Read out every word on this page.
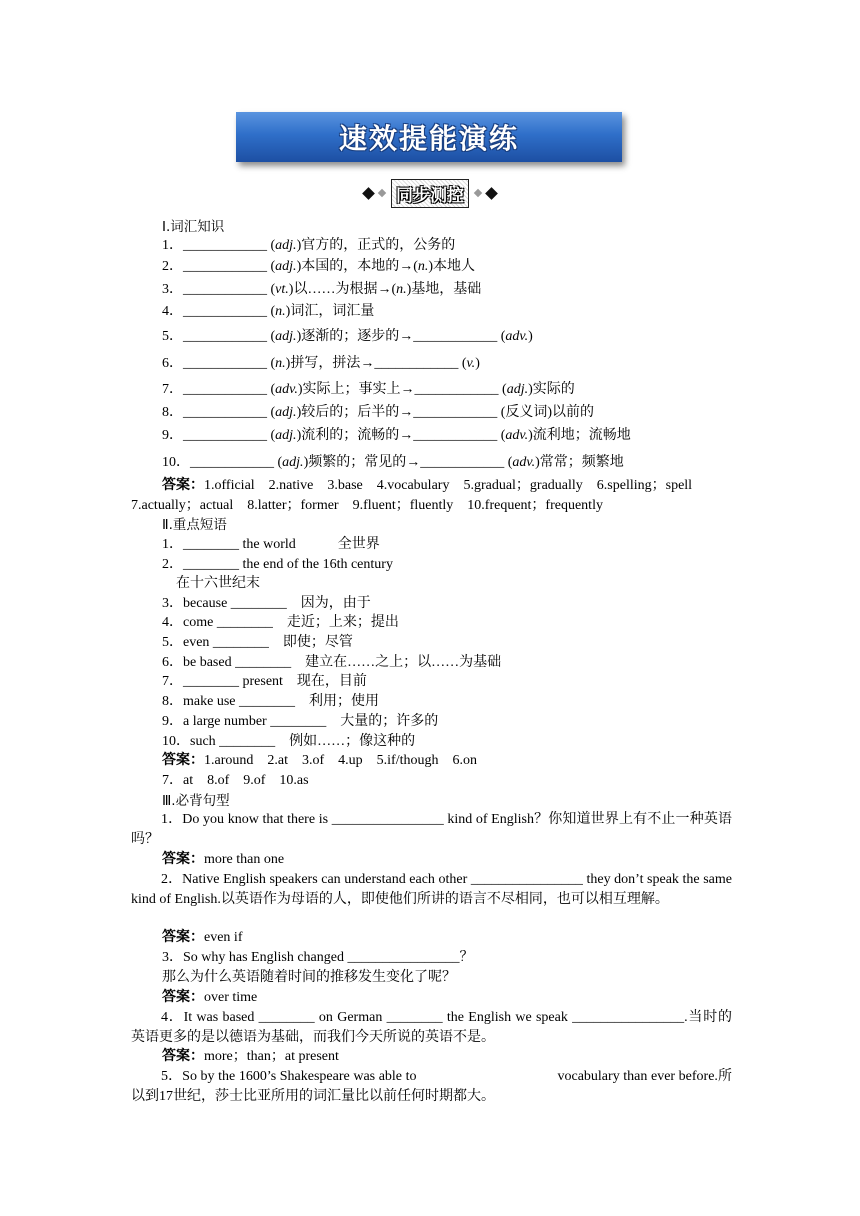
速效提能演练
同步测控
Ⅰ.词汇知识
1．____________ (adj.)官方的，正式的，公务的
2．____________ (adj.)本国的，本地的→(n.)本地人
3．____________ (vt.)以……为根据→(n.)基地，基础
4．____________ (n.)词汇，词汇量
5．____________ (adj.)逐渐的；逐步的→____________ (adv.)
6．____________ (n.)拼写，拼法→____________ (v.)
7．____________ (adv.)实际上；事实上→____________ (adj.)实际的
8．____________ (adj.)较后的；后半的→____________ (反义词)以前的
9．____________ (adj.)流利的；流畅的→____________ (adv.)流利地；流畅地
10．____________ (adj.)频繁的；常见的→____________ (adv.)常常；频繁地
答案：1.official　2.native　3.base　4.vocabulary　5.gradual；gradually　6.spelling；spell
7.actually；actual　8.latter；former　9.fluent；fluently　10.frequent；frequently
Ⅱ.重点短语
1．________ the world　　　全世界
2．________ the end of the 16th century
在十六世纪末
3．because ________　因为，由于
4．come ________　走近；上来；提出
5．even ________　即使；尽管
6．be based ________　建立在……之上；以……为基础
7．________ present　现在，目前
8．make use ________　利用；使用
9．a large number ________　大量的；许多的
10．such ________　例如……；像这种的
答案：1.around　2.at　3.of　4.up　5.if/though　6.on
7．at　8.of　9.of　10.as
Ⅲ.必背句型
1．Do you know that there is ________________ kind of English？你知道世界上有不止一种英语吗？
答案：more than one
2．Native English speakers can understand each other ________________ they don’t speak the same kind of English.以英语作为母语的人，即使他们所讲的语言不尽相同，也可以相互理解。
答案：even if
3．So why has English changed ________________？
那么为什么英语随着时间的推移发生变化了呢？
答案：over time
4．It was based ________ on German ________ the English we speak ________________.当时的英语更多的是以德语为基础，而我们今天所说的英语不是。
答案：more；than；at present
5．So by the 1600’s Shakespeare was able to　　　　　　　　　　vocabulary than ever before.所以到17世纪，莎士比亚所用的词汇量比以前任何时期都大。
